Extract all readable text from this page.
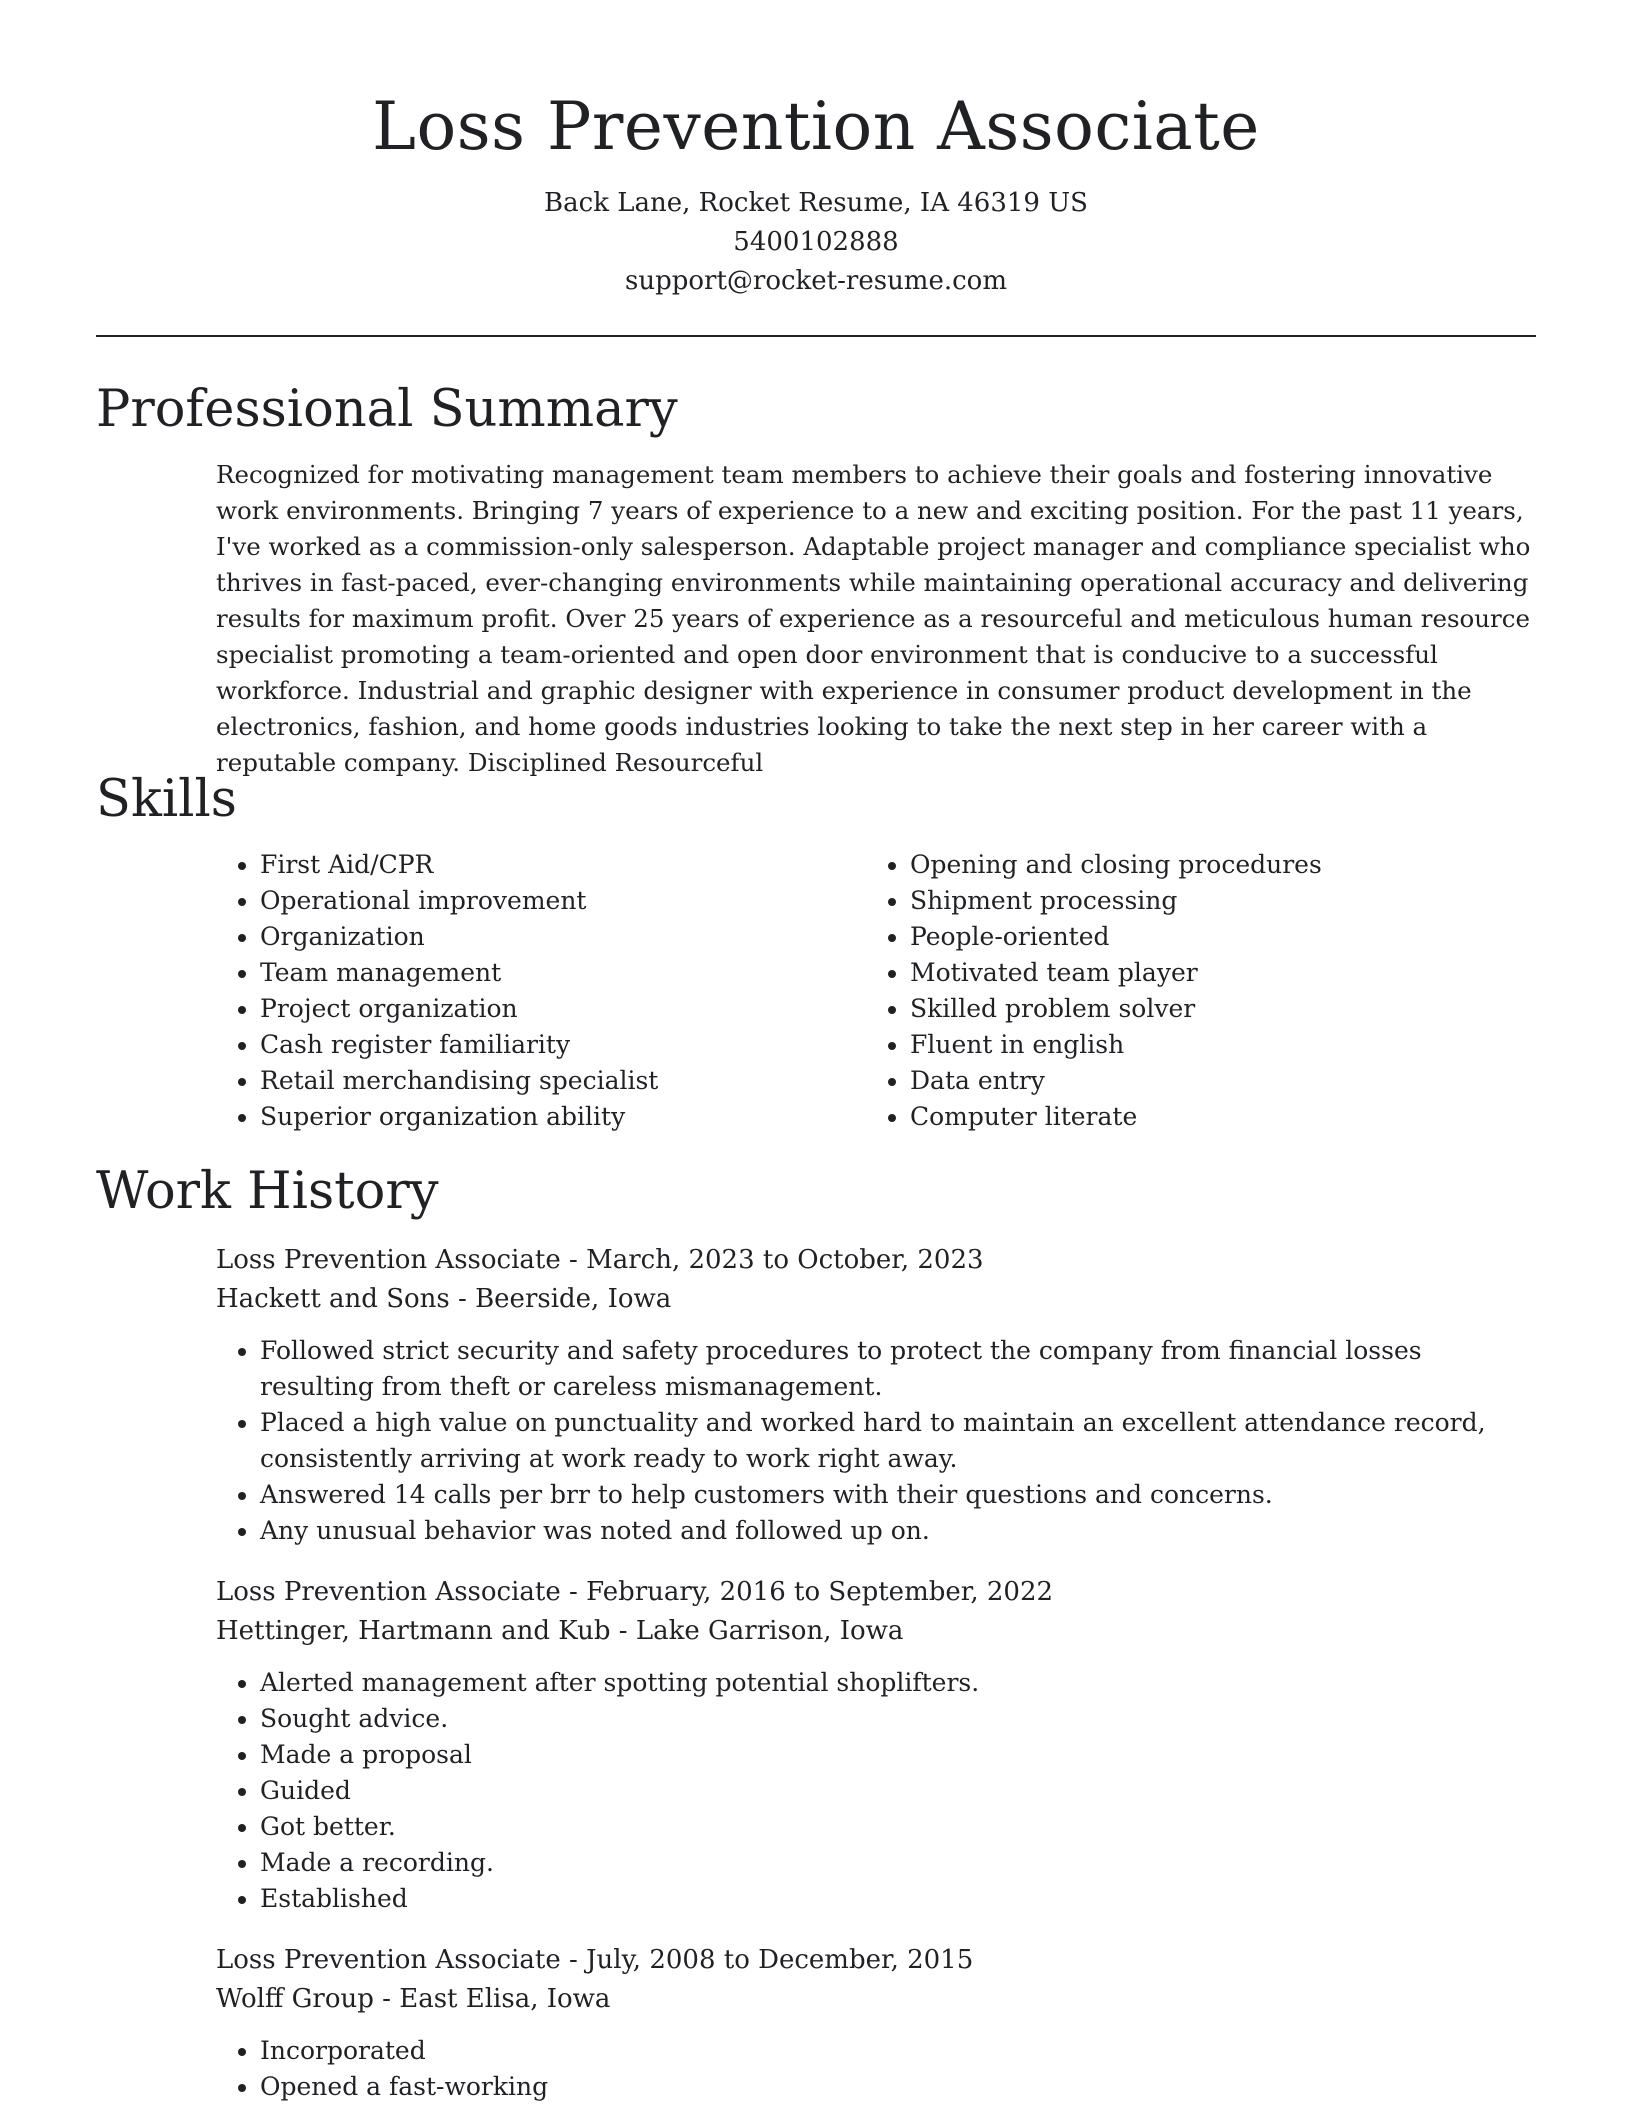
Loss Prevention Associate
Back Lane, Rocket Resume, IA 46319 US
5400102888
support@rocket-resume.com
Professional Summary

Recognized for motivating management team members to achieve their goals and fostering innovative work environments. Bringing 7 years of experience to a new and exciting position. For the past 11 years, I've worked as a commission-only salesperson. Adaptable project manager and compliance specialist who thrives in fast-paced, ever-changing environments while maintaining operational accuracy and delivering results for maximum profit. Over 25 years of experience as a resourceful and meticulous human resource specialist promoting a team-oriented and open door environment that is conducive to a successful workforce. Industrial and graphic designer with experience in consumer product development in the electronics, fashion, and home goods industries looking to take the next step in her career with a reputable company. Disciplined Resourceful

Skills
• First Aid/CPR
• Operational improvement
• Organization
• Team management
• Project organization
• Cash register familiarity
• Retail merchandising specialist
• Superior organization ability
• Opening and closing procedures
• Shipment processing
• People-oriented
• Motivated team player
• Skilled problem solver
• Fluent in english
• Data entry
• Computer literate
Work History
Loss Prevention Associate - March, 2023 to October, 2023
Hackett and Sons - Beerside, Iowa
• Followed strict security and safety procedures to protect the company from financial losses resulting from theft or careless mismanagement.
• Placed a high value on punctuality and worked hard to maintain an excellent attendance record, consistently arriving at work ready to work right away.
• Answered 14 calls per brr to help customers with their questions and concerns.
• Any unusual behavior was noted and followed up on.
Loss Prevention Associate - February, 2016 to September, 2022
Hettinger, Hartmann and Kub - Lake Garrison, Iowa
• Alerted management after spotting potential shoplifters.
• Sought advice.
• Made a proposal
• Guided
• Got better.
• Made a recording.
• Established
Loss Prevention Associate - July, 2008 to December, 2015
Wolff Group - East Elisa, Iowa
• Incorporated
• Opened a fast-working
